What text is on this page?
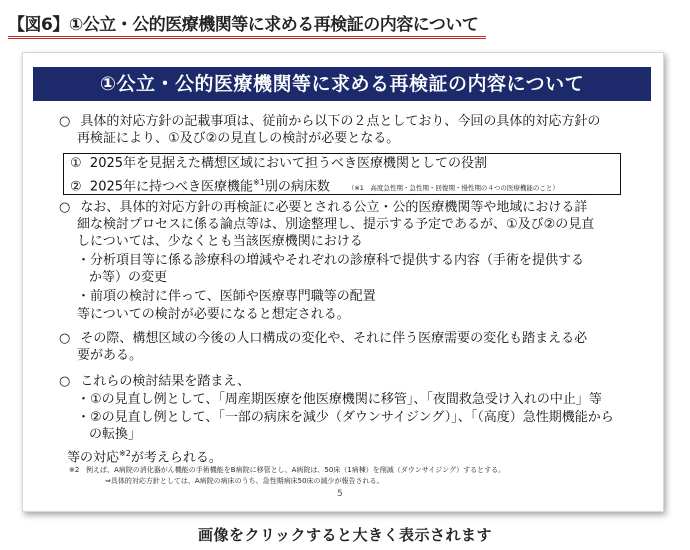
【図6】①公立・公的医療機関等に求める再検証の内容について
①公立・公的医療機関等に求める再検証の内容について
○ 具体的対応方針の記載事項は、従前から以下の２点としており、今回の具体的対応方針の
再検証により、①及び②の見直しの検討が必要となる。
① 2025年を見据えた構想区域において担うべき医療機関としての役割
② 2025年に持つべき医療機能$^{※1}$別の病床数	（※1　高度急性期・急性期・回復期・慢性期の４つの医療機能のこと）
○ なお、具体的対応方針の再検証に必要とされる公立・公的医療機関等や地域における詳
細な検討プロセスに係る論点等は、別途整理し、提示する予定であるが、①及び②の見直
しについては、少なくとも当該医療機関における
・分析項目等に係る診療科の増減やそれぞれの診療科で提供する内容（手術を提供する
か等）の変更
・前項の検討に伴って、医師や医療専門職等の配置
等についての検討が必要になると想定される。
○ その際、構想区域の今後の人口構成の変化や、それに伴う医療需要の変化も踏まえる必
要がある。
○ これらの検討結果を踏まえ、
・①の見直し例として、「周産期医療を他医療機関に移管」、「夜間救急受け入れの中止」等
・②の見直し例として、「一部の病床を減少（ダウンサイジング）」、「（高度）急性期機能から
の転換」
等の対応$^{※2}$が考えられる。
※2 例えば、A病院の消化器がん機能の手術機能をB病院に移管とし、A病院は、50床（1病棟）を削減（ダウンサイジング）するとする。
⇒具体的対応方針としては、A病院の病床のうち、急性期病床50床の減少が報告される。
5
画像をクリックすると大きく表示されます
